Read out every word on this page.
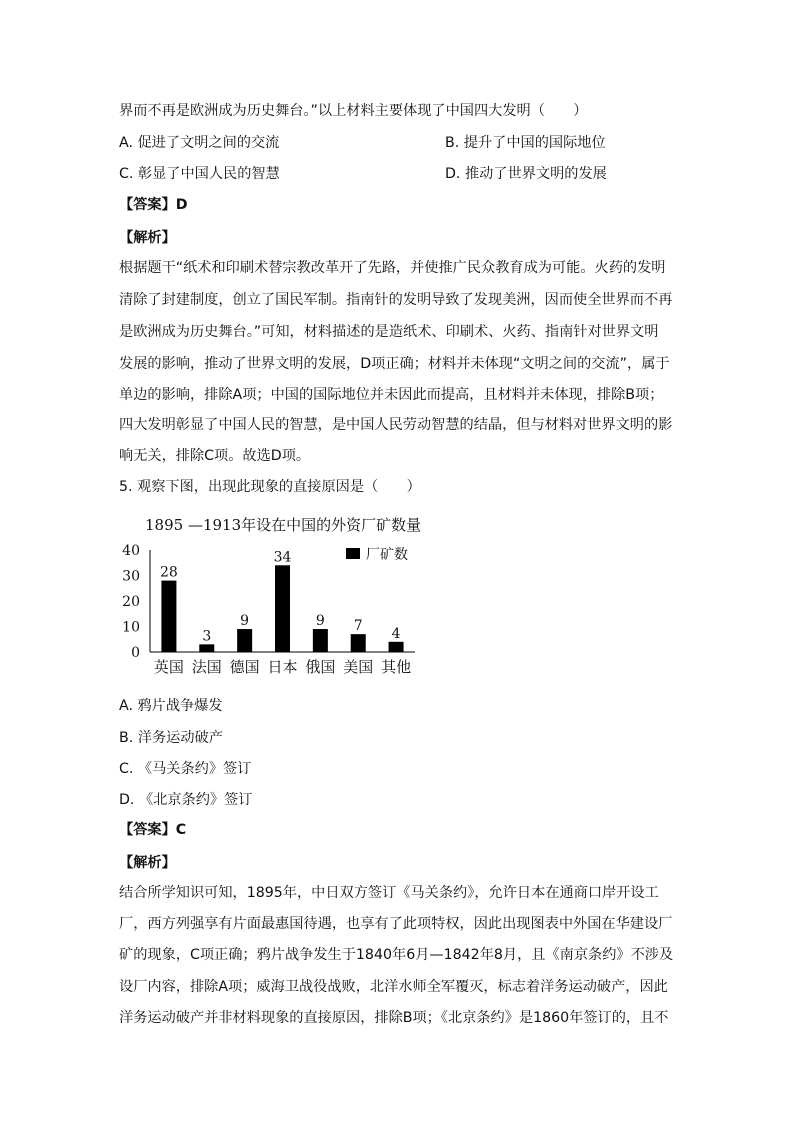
界而不再是欧洲成为历史舞台。”以上材料主要体现了中国四大发明（　　）
A. 促进了文明之间的交流	B. 提升了中国的国际地位
C. 彰显了中国人民的智慧	D. 推动了世界文明的发展
【答案】D
【解析】
根据题干“纸术和印刷术替宗教改革开了先路，并使推广民众教育成为可能。火药的发明
清除了封建制度，创立了国民军制。指南针的发明导致了发现美洲，因而使全世界而不再
是欧洲成为历史舞台。”可知，材料描述的是造纸术、印刷术、火药、指南针对世界文明
发展的影响，推动了世界文明的发展，D项正确；材料并未体现“文明之间的交流”，属于
单边的影响，排除A项；中国的国际地位并未因此而提高，且材料并未体现，排除B项；
四大发明彰显了中国人民的智慧，是中国人民劳动智慧的结晶，但与材料对世界文明的影
响无关，排除C项。故选D项。
5. 观察下图，出现此现象的直接原因是（　　）
1895 —1913年设在中国的外资厂矿数量
0
10
20
30
40
28
英国
3
法国
9
德国
34
日本
9
俄国
7
美国
4
其他
厂矿数
A. 鸦片战争爆发
B. 洋务运动破产
C. 《马关条约》签订
D. 《北京条约》签订
【答案】C
【解析】
结合所学知识可知，1895年，中日双方签订《马关条约》，允许日本在通商口岸开设工
厂，西方列强享有片面最惠国待遇，也享有了此项特权，因此出现图表中外国在华建设厂
矿的现象，C项正确；鸦片战争发生于1840年6月—1842年8月，且《南京条约》不涉及
设厂内容，排除A项；威海卫战役战败，北洋水师全军覆灭，标志着洋务运动破产，因此
洋务运动破产并非材料现象的直接原因，排除B项；《北京条约》是1860年签订的，且不
